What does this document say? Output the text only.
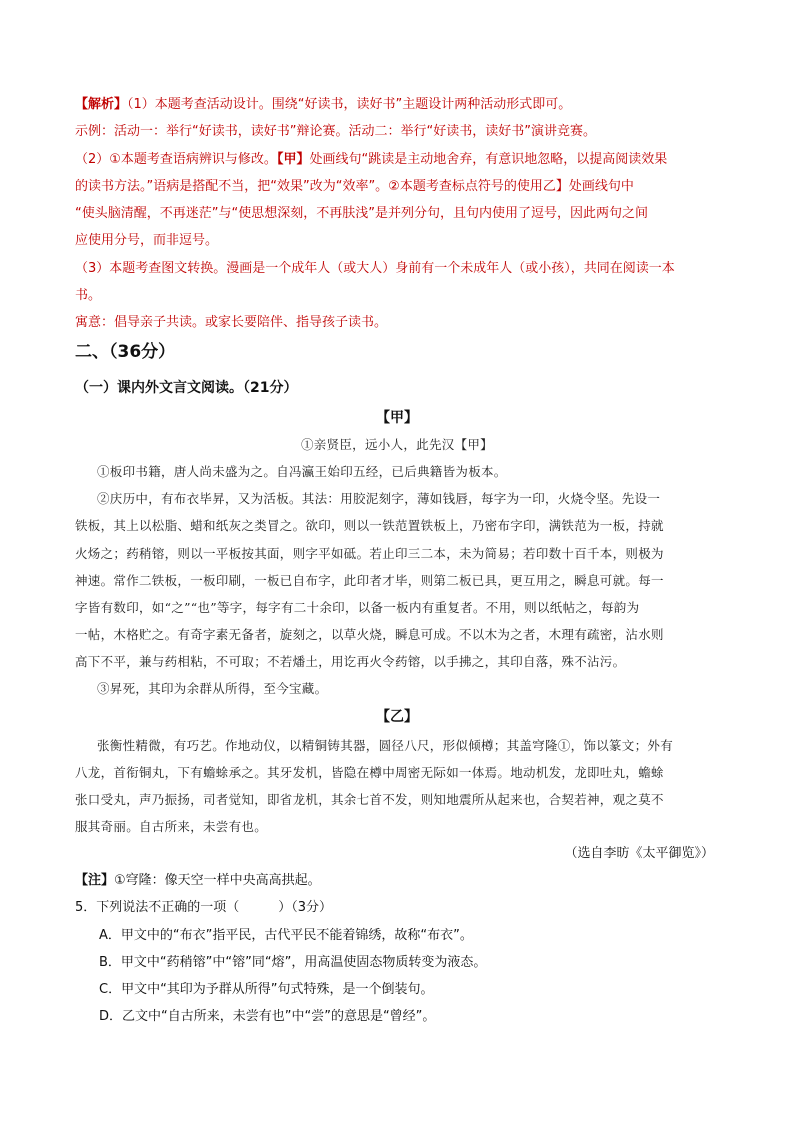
【解析】（1）本题考查活动设计。围绕“好读书，读好书”主题设计两种活动形式即可。
示例：活动一：举行“好读书，读好书”辩论赛。活动二：举行“好读书，读好书”演讲竞赛。
（2）①本题考查语病辨识与修改。【甲】处画线句“跳读是主动地舍弃，有意识地忽略，以提高阅读效果
的读书方法。”语病是搭配不当，把“效果”改为“效率”。②本题考查标点符号的使用乙】处画线句中
“使头脑清醒，不再迷茫”与“使思想深刻，不再肤浅”是并列分句，且句内使用了逗号，因此两句之间
应使用分号，而非逗号。
（3）本题考查图文转换。漫画是一个成年人（或大人）身前有一个未成年人（或小孩），共同在阅读一本
书。
寓意：倡导亲子共读。或家长要陪伴、指导孩子读书。
二、（36分）
（一）课内外文言文阅读。（21分）
【甲】
①亲贤臣，远小人，此先汉【甲】
①板印书籍，唐人尚未盛为之。自冯瀛王始印五经，已后典籍皆为板本。
②庆历中，有布衣毕昇，又为活板。其法：用胶泥刻字，薄如钱唇，每字为一印，火烧令坚。先设一
铁板，其上以松脂、蜡和纸灰之类冒之。欲印，则以一铁范置铁板上，乃密布字印，满铁范为一板，持就
火炀之；药稍镕，则以一平板按其面，则字平如砥。若止印三二本，未为简易；若印数十百千本，则极为
神速。常作二铁板，一板印刷，一板已自布字，此印者才毕，则第二板已具，更互用之，瞬息可就。每一
字皆有数印，如“之”“也”等字，每字有二十余印，以备一板内有重复者。不用，则以纸帖之，每韵为
一帖，木格贮之。有奇字素无备者，旋刻之，以草火烧，瞬息可成。不以木为之者，木理有疏密，沾水则
高下不平，兼与药相粘，不可取；不若燔土，用讫再火令药镕，以手拂之，其印自落，殊不沾污。
③昇死，其印为余群从所得，至今宝藏。
【乙】
张衡性精微，有巧艺。作地动仪，以精铜铸其器，圆径八尺，形似倾樽；其盖穹隆①，饰以篆文；外有
八龙，首衔铜丸，下有蟾蜍承之。其牙发机，皆隐在樽中周密无际如一体焉。地动机发，龙即吐丸，蟾蜍
张口受丸，声乃振扬，司者觉知，即省龙机，其余七首不发，则知地震所从起来也，合契若神，观之莫不
服其奇丽。自古所来，未尝有也。
（选自李昉《太平御览》）
【注】①穹隆：像天空一样中央高高拱起。
5．下列说法不正确的一项（　　　）（3分）
A．甲文中的“布衣”指平民，古代平民不能着锦绣，故称“布衣”。
B．甲文中“药稍镕”中“镕”同“熔”，用高温使固态物质转变为液态。
C．甲文中“其印为予群从所得”句式特殊，是一个倒装句。
D．乙文中“自古所来，未尝有也”中“尝”的意思是“曾经”。
